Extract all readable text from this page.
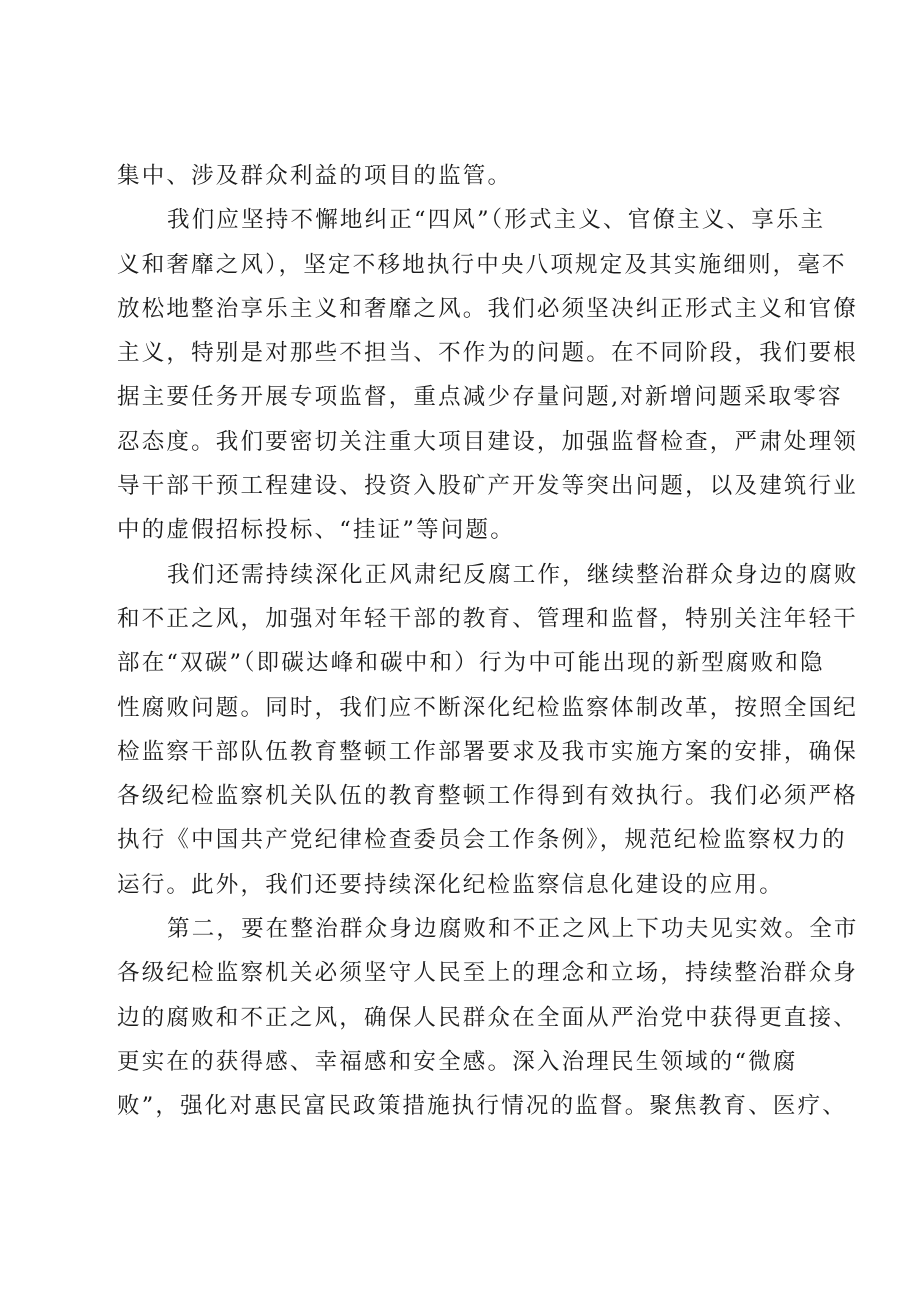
集中、涉及群众利益的项目的监管。
我们应坚持不懈地纠正“四风”（形式主义、官僚主义、享乐主
义和奢靡之风），坚定不移地执行中央八项规定及其实施细则，毫不
放松地整治享乐主义和奢靡之风。我们必须坚决纠正形式主义和官僚
主义，特别是对那些不担当、不作为的问题。在不同阶段，我们要根
据主要任务开展专项监督，重点减少存量问题,对新增问题采取零容
忍态度。我们要密切关注重大项目建设，加强监督检查，严肃处理领
导干部干预工程建设、投资入股矿产开发等突出问题，以及建筑行业
中的虚假招标投标、“挂证”等问题。
我们还需持续深化正风肃纪反腐工作，继续整治群众身边的腐败
和不正之风，加强对年轻干部的教育、管理和监督，特别关注年轻干
部在“双碳”（即碳达峰和碳中和）行为中可能出现的新型腐败和隐
性腐败问题。同时，我们应不断深化纪检监察体制改革，按照全国纪
检监察干部队伍教育整顿工作部署要求及我市实施方案的安排，确保
各级纪检监察机关队伍的教育整顿工作得到有效执行。我们必须严格
执行《中国共产党纪律检查委员会工作条例》，规范纪检监察权力的
运行。此外，我们还要持续深化纪检监察信息化建设的应用。
第二，要在整治群众身边腐败和不正之风上下功夫见实效。全市
各级纪检监察机关必须坚守人民至上的理念和立场，持续整治群众身
边的腐败和不正之风，确保人民群众在全面从严治党中获得更直接、
更实在的获得感、幸福感和安全感。深入治理民生领域的“微腐
败”，强化对惠民富民政策措施执行情况的监督。聚焦教育、医疗、
